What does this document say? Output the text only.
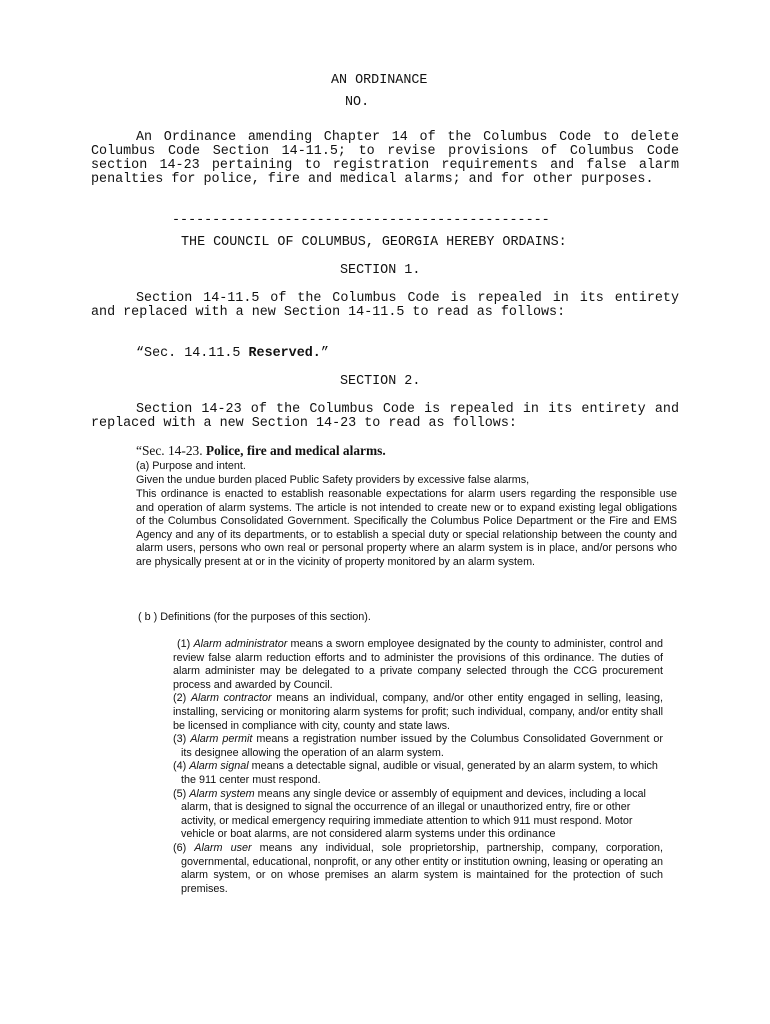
AN ORDINANCE
NO.
An Ordinance amending Chapter 14 of the Columbus Code to delete Columbus Code Section 14-11.5; to revise provisions of Columbus Code section 14-23 pertaining to registration requirements and false alarm penalties for police, fire and medical alarms; and for other purposes.
-----------------------------------------------
THE COUNCIL OF COLUMBUS, GEORGIA HEREBY ORDAINS:
SECTION 1.
Section 14-11.5 of the Columbus Code is repealed in its entirety and replaced with a new Section 14-11.5 to read as follows:
“Sec. 14.11.5 Reserved.”
SECTION 2.
Section 14-23 of the Columbus Code is repealed in its entirety and replaced with a new Section 14-23 to read as follows:
“Sec. 14-23. Police, fire and medical alarms.
(a) Purpose and intent.
Given the undue burden placed Public Safety providers by excessive false alarms,
This ordinance is enacted to establish reasonable expectations for alarm users regarding the responsible use and operation of alarm systems. The article is not intended to create new or to expand existing legal obligations of the Columbus Consolidated Government. Specifically the Columbus Police Department or the Fire and EMS Agency and any of its departments, or to establish a special duty or special relationship between the county and alarm users, persons who own real or personal property where an alarm system is in place, and/or persons who are physically present at or in the vicinity of property monitored by an alarm system.
( b ) Definitions (for the purposes of this section).

(1) Alarm administrator means a sworn employee designated by the county to administer, control and review false alarm reduction efforts and to administer the provisions of this ordinance. The duties of alarm administer may be delegated to a private company selected through the CCG procurement process and awarded by Council.

(2) Alarm contractor means an individual, company, and/or other entity engaged in selling, leasing, installing, servicing or monitoring alarm systems for profit; such individual, company, and/or entity shall be licensed in compliance with city, county and state laws.

(3) Alarm permit means a registration number issued by the Columbus Consolidated Government or its designee allowing the operation of an alarm system.

(4) Alarm signal means a detectable signal, audible or visual, generated by an alarm system, to which the 911 center must respond.

(5) Alarm system means any single device or assembly of equipment and devices, including a local alarm, that is designed to signal the occurrence of an illegal or unauthorized entry, fire or other activity, or medical emergency requiring immediate attention to which 911 must respond. Motor vehicle or boat alarms, are not considered alarm systems under this ordinance

(6) Alarm user means any individual, sole proprietorship, partnership, company, corporation, governmental, educational, nonprofit, or any other entity or institution owning, leasing or operating an alarm system, or on whose premises an alarm system is maintained for the protection of such premises.
